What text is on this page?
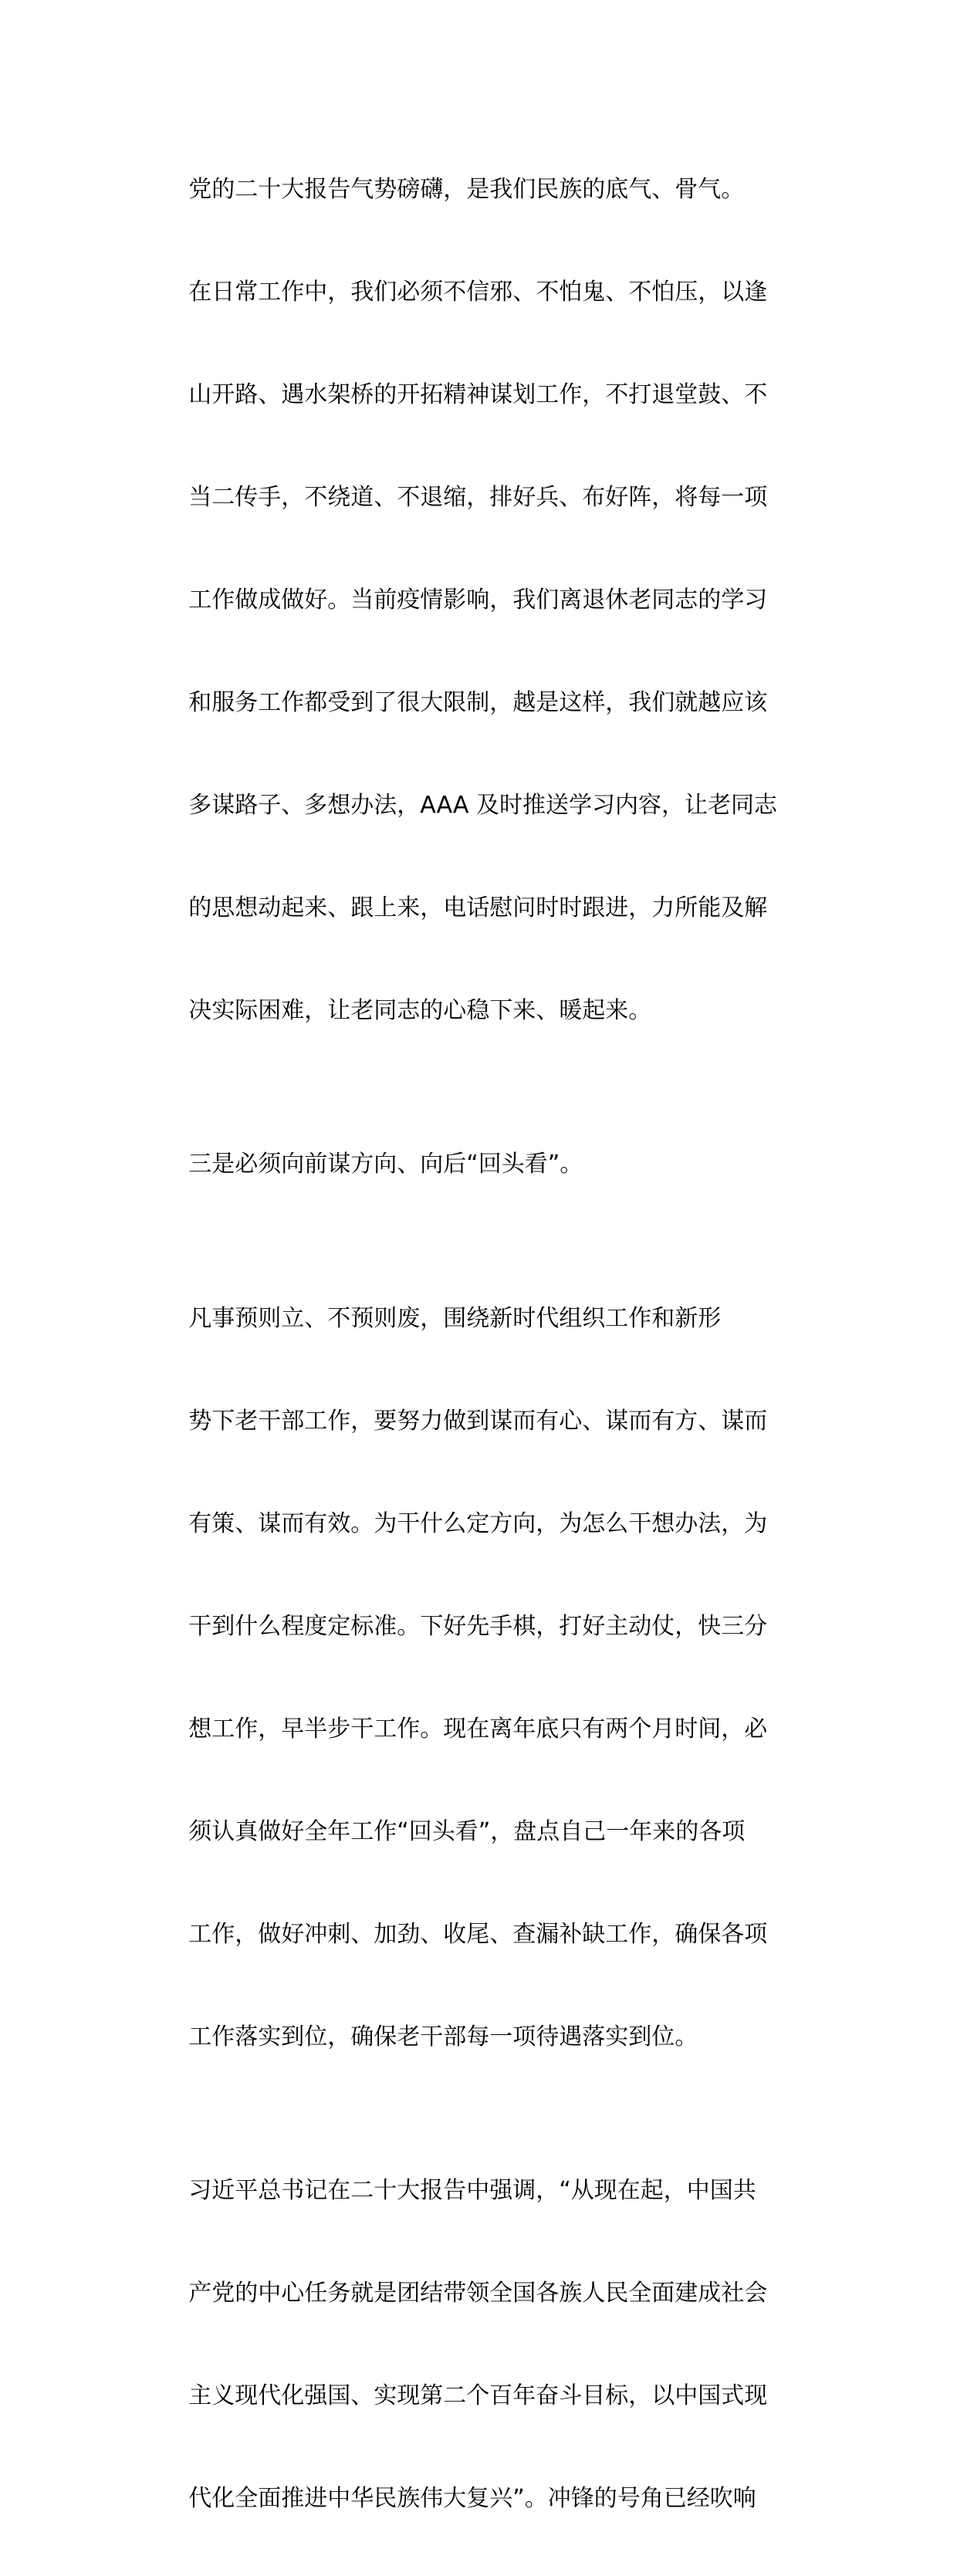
党的二十大报告气势磅礴，是我们民族的底气、骨气。

在日常工作中，我们必须不信邪、不怕鬼、不怕压，以逢

山开路、遇水架桥的开拓精神谋划工作，不打退堂鼓、不

当二传手，不绕道、不退缩，排好兵、布好阵，将每一项

工作做成做好。当前疫情影响，我们离退休老同志的学习

和服务工作都受到了很大限制，越是这样，我们就越应该

多谋路子、多想办法，AAA 及时推送学习内容，让老同志

的思想动起来、跟上来，电话慰问时时跟进，力所能及解

决实际困难，让老同志的心稳下来、暖起来。

三是必须向前谋方向、向后“回头看”。

凡事预则立、不预则废，围绕新时代组织工作和新形

势下老干部工作，要努力做到谋而有心、谋而有方、谋而

有策、谋而有效。为干什么定方向，为怎么干想办法，为

干到什么程度定标准。下好先手棋，打好主动仗，快三分

想工作，早半步干工作。现在离年底只有两个月时间，必

须认真做好全年工作“回头看”，盘点自己一年来的各项

工作，做好冲刺、加劲、收尾、查漏补缺工作，确保各项

工作落实到位，确保老干部每一项待遇落实到位。

习近平总书记在二十大报告中强调，“从现在起，中国共

产党的中心任务就是团结带领全国各族人民全面建成社会

主义现代化强国、实现第二个百年奋斗目标，以中国式现

代化全面推进中华民族伟大复兴”。冲锋的号角已经吹响
